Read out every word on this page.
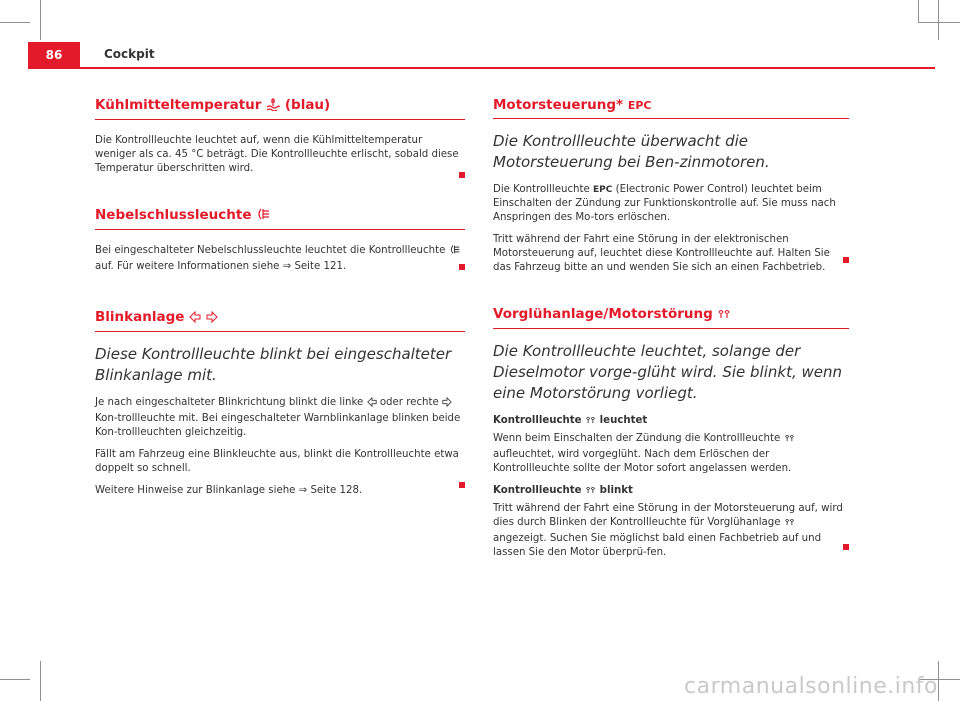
86	Cockpit
Kühlmitteltemperatur (blau)

Die Kontrollleuchte leuchtet auf, wenn die Kühlmitteltemperatur weniger als ca. 45 °C beträgt. Die Kontrollleuchte erlischt, sobald diese Temperatur überschritten wird.

Nebelschlussleuchte

Bei eingeschalteter Nebelschlussleuchte leuchtet die Kontrollleuchte  auf. Für weitere Informationen siehe ⇒ Seite 121.

Blinkanlage
Diese Kontrollleuchte blinkt bei eingeschalteter Blinkanlage mit.

Je nach eingeschalteter Blinkrichtung blinkt die linke oder rechte  Kon-trollleuchte mit. Bei eingeschalteter Warnblinkanlage blinken beide Kon-trollleuchten gleichzeitig.

Fällt am Fahrzeug eine Blinkleuchte aus, blinkt die Kontrollleuchte etwa doppelt so schnell.

Weitere Hinweise zur Blinkanlage siehe ⇒ Seite 128.

Motorsteuerung* EPC
Die Kontrollleuchte überwacht die Motorsteuerung bei Ben-zinmotoren.

Die Kontrollleuchte EPC (Electronic Power Control) leuchtet beim Einschalten der Zündung zur Funktionskontrolle auf. Sie muss nach Anspringen des Mo-tors erlöschen.

Tritt während der Fahrt eine Störung in der elektronischen Motorsteuerung auf, leuchtet diese Kontrollleuchte auf. Halten Sie das Fahrzeug bitte an und wenden Sie sich an einen Fachbetrieb.

Vorglühanlage/Motorstörung
Die Kontrollleuchte leuchtet, solange der Dieselmotor vorge-glüht wird. Sie blinkt, wenn eine Motorstörung vorliegt.

Kontrollleuchte leuchtet

Wenn beim Einschalten der Zündung die Kontrollleuchte  aufleuchtet, wird vorgeglüht. Nach dem Erlöschen der Kontrollleuchte sollte der Motor sofort angelassen werden.

Kontrollleuchte blinkt

Tritt während der Fahrt eine Störung in der Motorsteuerung auf, wird dies durch Blinken der Kontrollleuchte für Vorglühanlage  angezeigt. Suchen Sie möglichst bald einen Fachbetrieb auf und lassen Sie den Motor überprü-fen.

carmanualsonline.info
